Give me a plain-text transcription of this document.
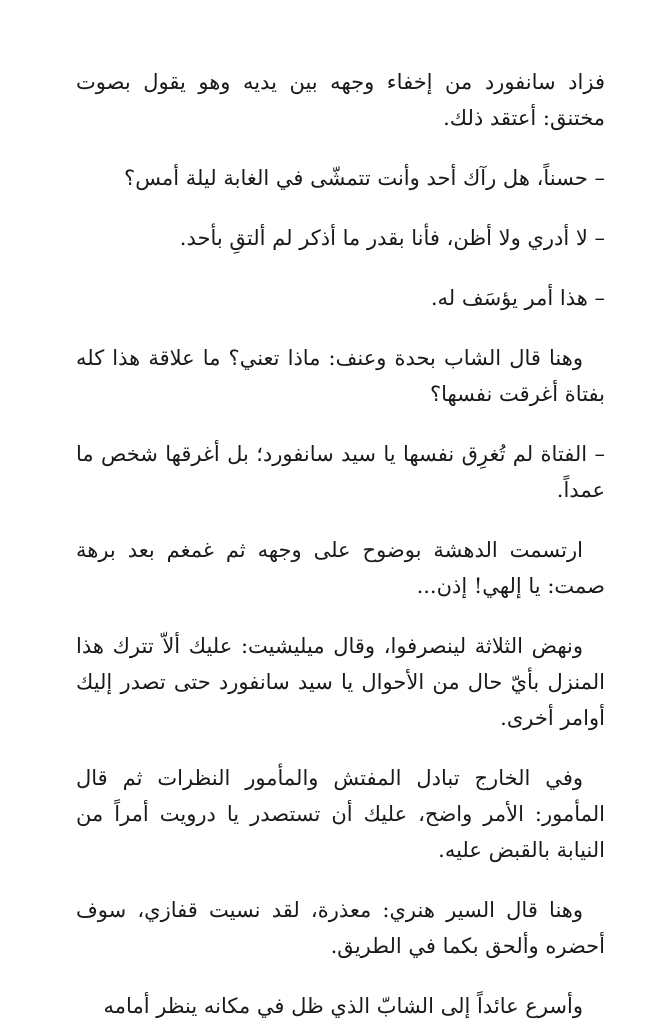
فزاد سانفورد من إخفاء وجهه بين يديه وهو يقول بصوت مختنق: أعتقد ذلك.

– حسناً، هل رآك أحد وأنت تتمشّى في الغابة ليلة أمس؟

– لا أدري ولا أظن، فأنا بقدر ما أذكر لم ألتقِ بأحد.

– هذا أمر يؤسَف له.

وهنا قال الشاب بحدة وعنف: ماذا تعني؟ ما علاقة هذا كله بفتاة أغرقت نفسها؟

– الفتاة لم تُغرِق نفسها يا سيد سانفورد؛ بل أغرقها شخص ما عمداً.

ارتسمت الدهشة بوضوح على وجهه ثم غمغم بعد برهة صمت: يا إلهي! إذن...

ونهض الثلاثة لينصرفوا، وقال ميليشيت: عليك ألاّ تترك هذا المنزل بأيّ حال من الأحوال يا سيد سانفورد حتى تصدر إليك أوامر أخرى.

وفي الخارج تبادل المفتش والمأمور النظرات ثم قال المأمور: الأمر واضح، عليك أن تستصدر يا درويت أمراً من النيابة بالقبض عليه.

وهنا قال السير هنري: معذرة، لقد نسيت قفازي، سوف أحضره وألحق بكما في الطريق.

وأسرع عائداً إلى الشابّ الذي ظل في مكانه ينظر أمامه
